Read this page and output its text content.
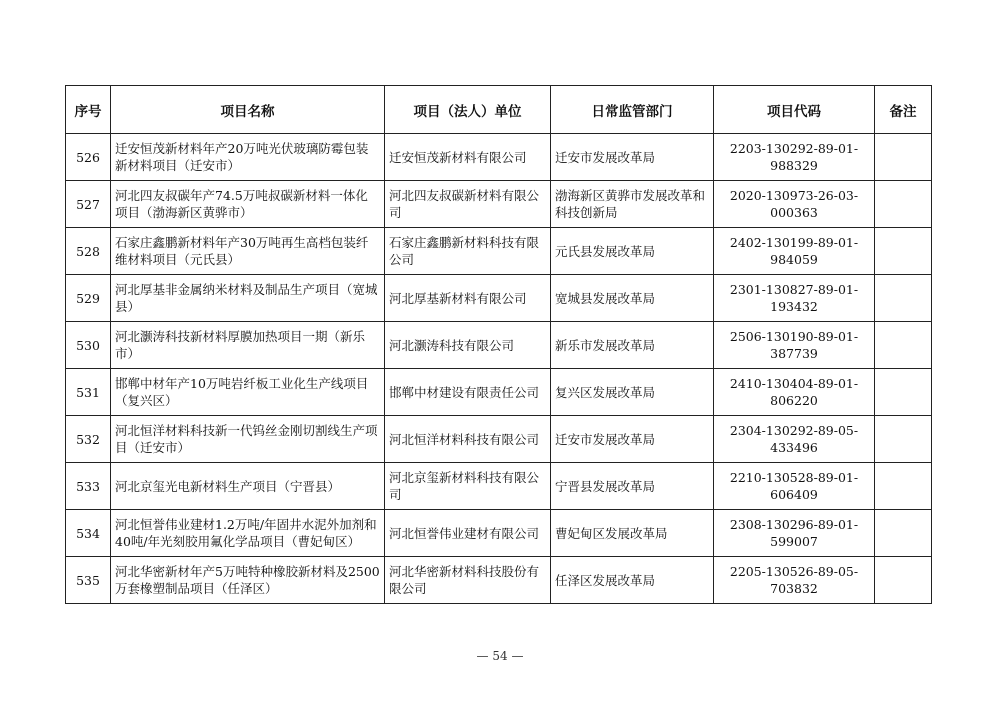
序号	项目名称	项目（法人）单位	日常监管部门	项目代码	备注
526	迁安恒茂新材料年产20万吨光伏玻璃防霉包装新材料项目（迁安市）	迁安恒茂新材料有限公司	迁安市发展改革局	2203-130292-89-01-988329	
527	河北四友叔碳年产74.5万吨叔碳新材料一体化项目（渤海新区黄骅市）	河北四友叔碳新材料有限公司	渤海新区黄骅市发展改革和科技创新局	2020-130973-26-03-000363	
528	石家庄鑫鹏新材料年产30万吨再生高档包装纤维材料项目（元氏县）	石家庄鑫鹏新材料科技有限公司	元氏县发展改革局	2402-130199-89-01-984059	
529	河北厚基非金属纳米材料及制品生产项目（宽城县）	河北厚基新材料有限公司	宽城县发展改革局	2301-130827-89-01-193432	
530	河北灏涛科技新材料厚膜加热项目一期（新乐市）	河北灏涛科技有限公司	新乐市发展改革局	2506-130190-89-01-387739	
531	邯郸中材年产10万吨岩纤板工业化生产线项目（复兴区）	邯郸中材建设有限责任公司	复兴区发展改革局	2410-130404-89-01-806220	
532	河北恒洋材料科技新一代钨丝金刚切割线生产项目（迁安市）	河北恒洋材料科技有限公司	迁安市发展改革局	2304-130292-89-05-433496	
533	河北京玺光电新材料生产项目（宁晋县）	河北京玺新材料科技有限公司	宁晋县发展改革局	2210-130528-89-01-606409	
534	河北恒誉伟业建材1.2万吨/年固井水泥外加剂和40吨/年光刻胶用氟化学品项目（曹妃甸区）	河北恒誉伟业建材有限公司	曹妃甸区发展改革局	2308-130296-89-01-599007	
535	河北华密新材年产5万吨特种橡胶新材料及2500万套橡塑制品项目（任泽区）	河北华密新材料科技股份有限公司	任泽区发展改革局	2205-130526-89-05-703832	
— 54 —
